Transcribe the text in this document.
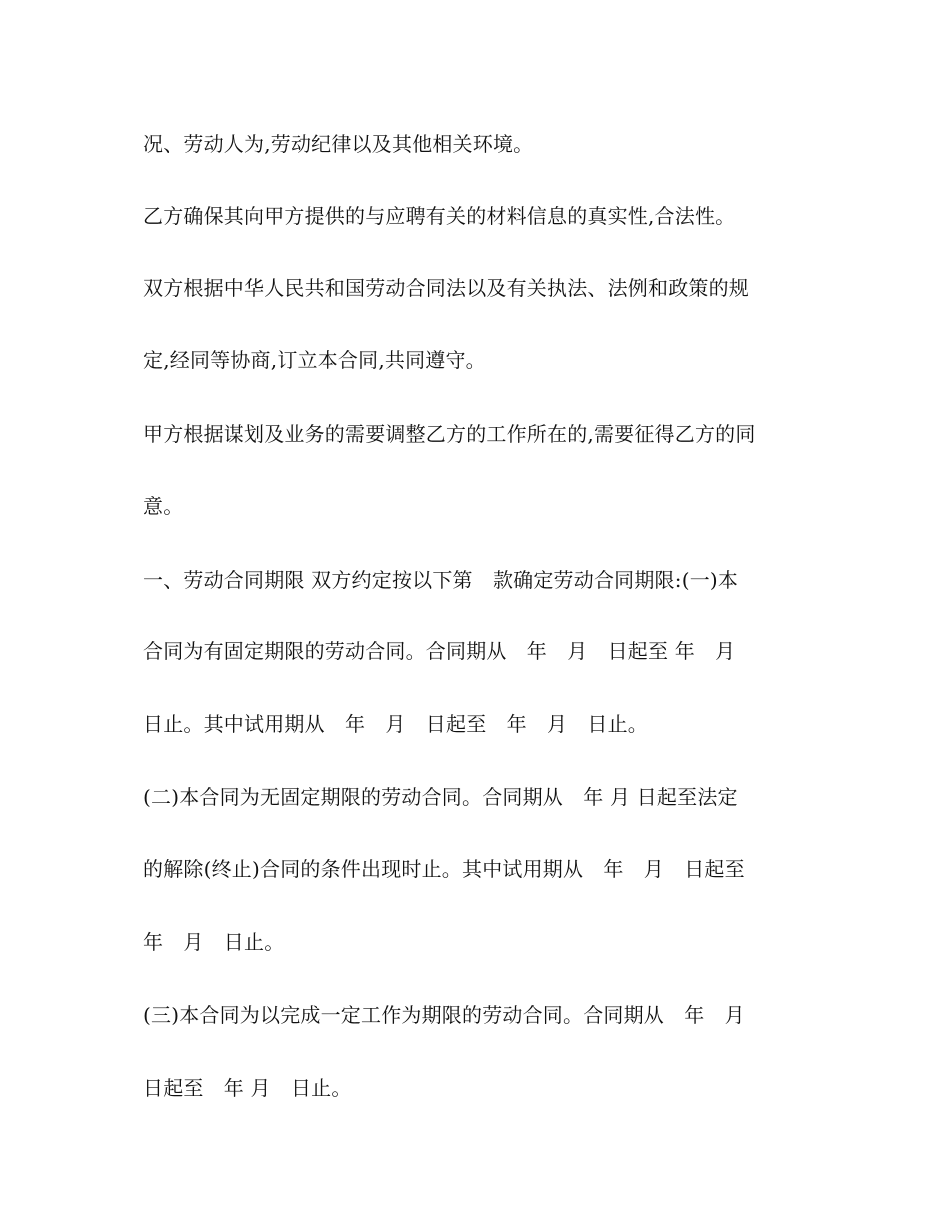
况、劳动人为,劳动纪律以及其他相关环境。
乙方确保其向甲方提供的与应聘有关的材料信息的真实性,合法性。
双方根据中华人民共和国劳动合同法以及有关执法、法例和政策的规
定,经同等协商,订立本合同,共同遵守。
甲方根据谋划及业务的需要调整乙方的工作所在的,需要征得乙方的同
意。
一、劳动合同期限 双方约定按以下第　款确定劳动合同期限:(一)本
合同为有固定期限的劳动合同。合同期从　年　月　日起至 年　月
日止。其中试用期从　年　月　日起至　年　月　日止。
(二)本合同为无固定期限的劳动合同。合同期从　年 月 日起至法定
的解除(终止)合同的条件出现时止。其中试用期从　年　月　日起至
年　月　日止。
(三)本合同为以完成一定工作为期限的劳动合同。合同期从　年　月
日起至　年 月　日止。
